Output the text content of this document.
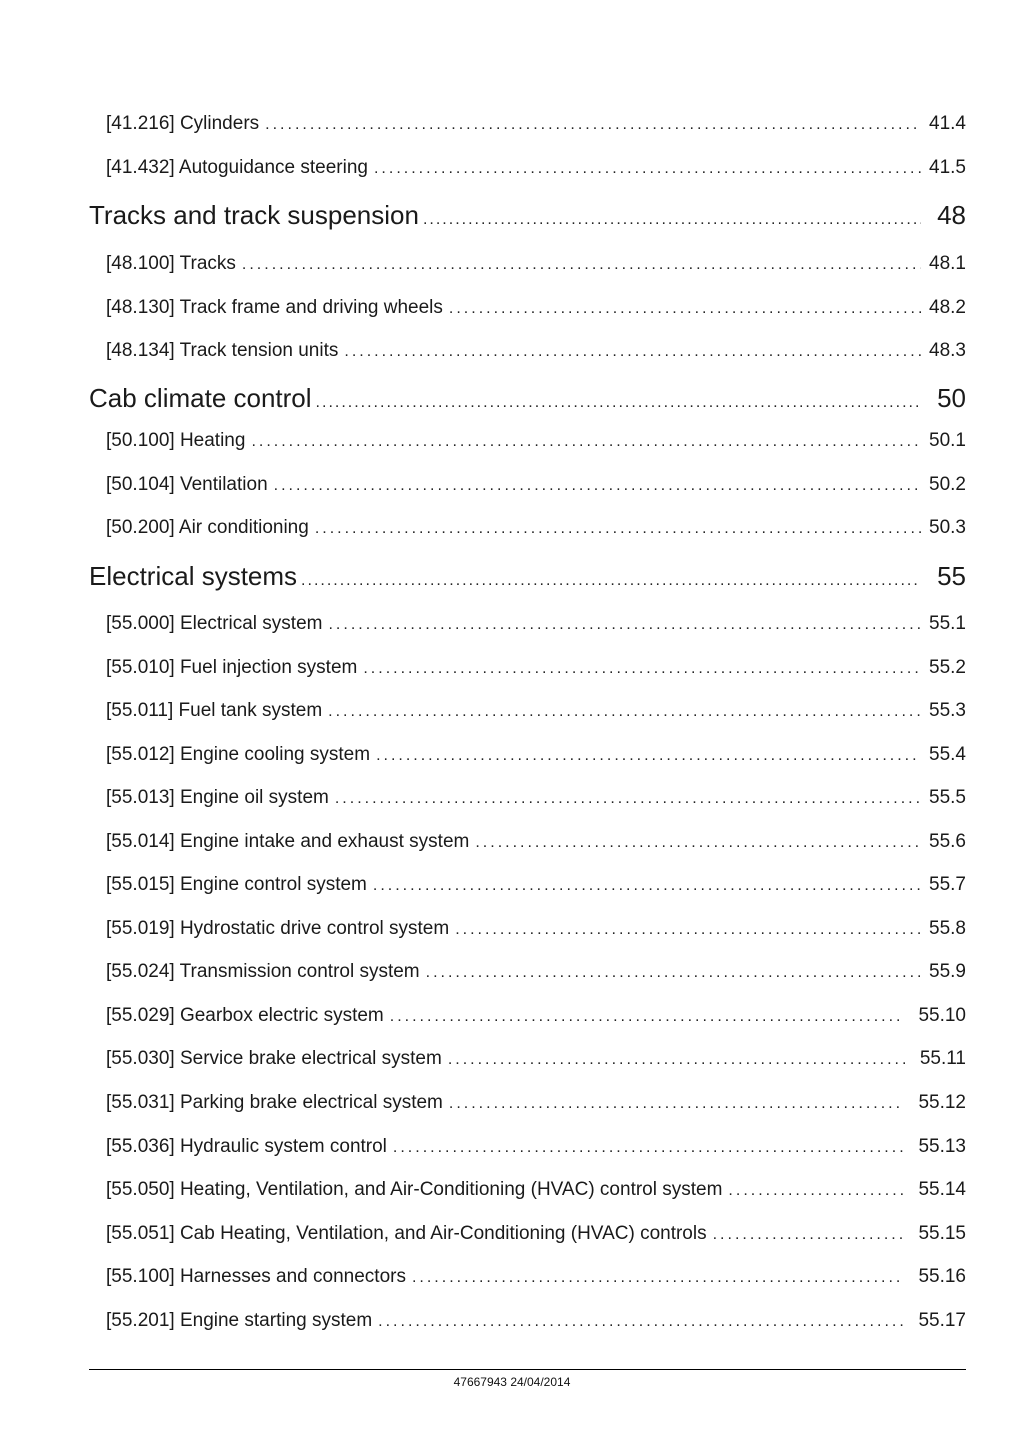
[41.216] Cylinders .....	41.4
[41.432] Autoguidance steering .....	41.5
Tracks and track suspension .....	48
[48.100] Tracks .....	48.1
[48.130] Track frame and driving wheels .....	48.2
[48.134] Track tension units .....	48.3
Cab climate control .....	50
[50.100] Heating .....	50.1
[50.104] Ventilation .....	50.2
[50.200] Air conditioning .....	50.3
Electrical systems .....	55
[55.000] Electrical system .....	55.1
[55.010] Fuel injection system .....	55.2
[55.011] Fuel tank system .....	55.3
[55.012] Engine cooling system .....	55.4
[55.013] Engine oil system .....	55.5
[55.014] Engine intake and exhaust system .....	55.6
[55.015] Engine control system .....	55.7
[55.019] Hydrostatic drive control system .....	55.8
[55.024] Transmission control system .....	55.9
[55.029] Gearbox electric system .....	55.10
[55.030] Service brake electrical system .....	55.11
[55.031] Parking brake electrical system .....	55.12
[55.036] Hydraulic system control .....	55.13
[55.050] Heating, Ventilation, and Air-Conditioning (HVAC) control system .....	55.14
[55.051] Cab Heating, Ventilation, and Air-Conditioning (HVAC) controls .....	55.15
[55.100] Harnesses and connectors .....	55.16
[55.201] Engine starting system .....	55.17
47667943 24/04/2014
